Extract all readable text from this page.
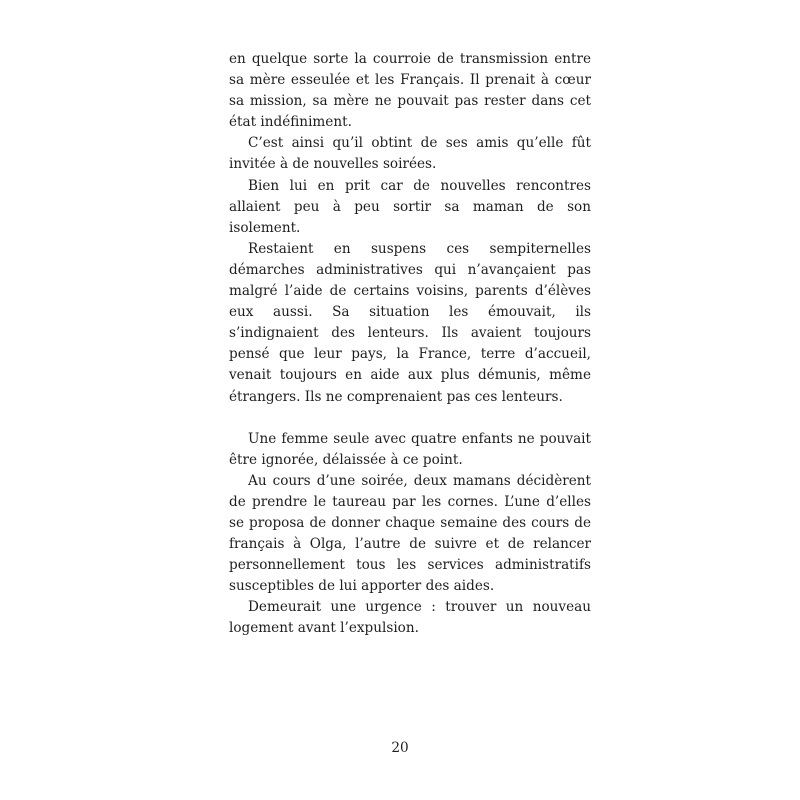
en quelque sorte la courroie de transmission entre sa mère esseulée et les Français. Il prenait à cœur sa mission, sa mère ne pouvait pas rester dans cet état indéfiniment.

C’est ainsi qu’il obtint de ses amis qu’elle fût invitée à de nouvelles soirées.

Bien lui en prit car de nouvelles rencontres allaient peu à peu sortir sa maman de son isolement.

Restaient en suspens ces sempiternelles démarches administratives qui n’avançaient pas malgré l’aide de certains voisins, parents d’élèves eux aussi. Sa situation les émouvait, ils s’indignaient des lenteurs. Ils avaient toujours pensé que leur pays, la France, terre d’accueil, venait toujours en aide aux plus démunis, même étrangers. Ils ne comprenaient pas ces lenteurs.

Une femme seule avec quatre enfants ne pouvait être ignorée, délaissée à ce point.

Au cours d’une soirée, deux mamans décidèrent de prendre le taureau par les cornes. L’une d’elles se proposa de donner chaque semaine des cours de français à Olga, l’autre de suivre et de relancer personnellement tous les services administratifs susceptibles de lui apporter des aides.

Demeurait une urgence : trouver un nouveau logement avant l’expulsion.

20
